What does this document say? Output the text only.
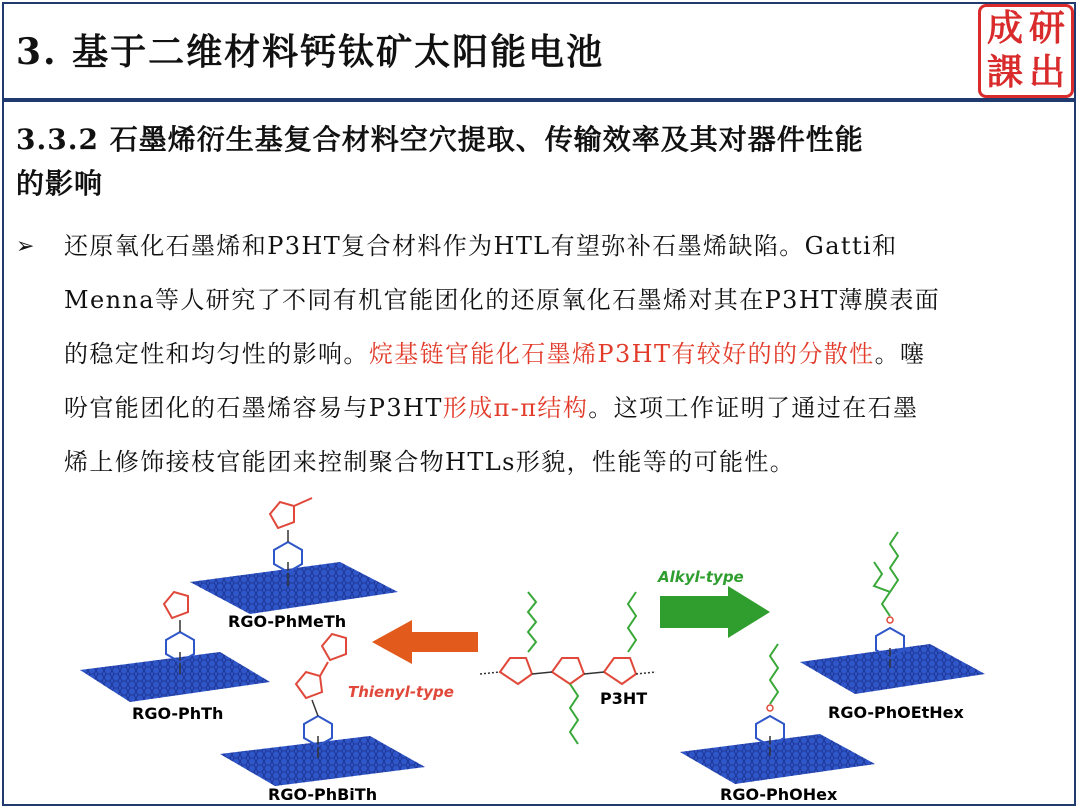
3. 基于二维材料钙钛矿太阳能电池
成 研
課 出
3.3.2 石墨烯衍生基复合材料空穴提取、传输效率及其对器件性能
的影响
➢ 还原氧化石墨烯和P3HT复合材料作为HTL有望弥补石墨烯缺陷。Gatti和
Menna等人研究了不同有机官能团化的还原氧化石墨烯对其在P3HT薄膜表面
的稳定性和均匀性的影响。烷基链官能化石墨烯P3HT有较好的的分散性。噻
吩官能团化的石墨烯容易与P3HT形成π-π结构。这项工作证明了通过在石墨
烯上修饰接枝官能团来控制聚合物HTLs形貌，性能等的可能性。
RGO-PhMeTh
RGO-PhTh
RGO-PhBiTh
Thienyl-type	P3HT
Alkyl-type
RGO-PhOEtHex
RGO-PhOHex
